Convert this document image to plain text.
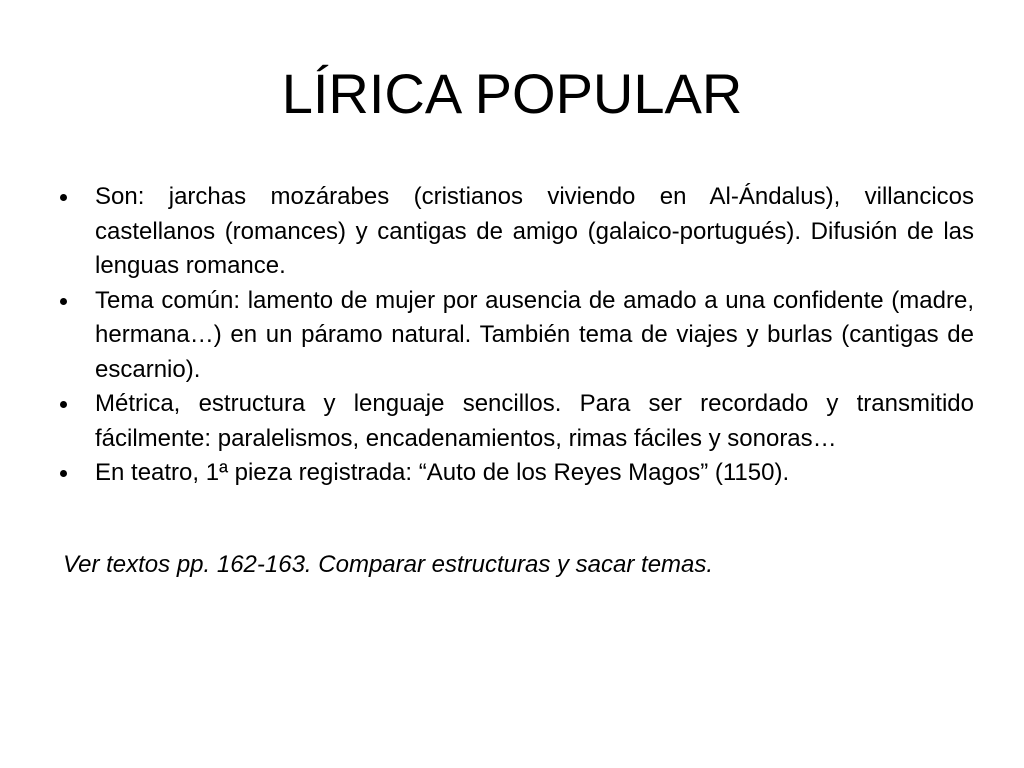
LÍRICA POPULAR
Son: jarchas mozárabes (cristianos viviendo en Al-Ándalus), villancicos castellanos (romances) y cantigas de amigo (galaico-portugués). Difusión de las lenguas romance.
Tema común: lamento de mujer por ausencia de amado a una confidente (madre, hermana…) en un páramo natural. También tema de viajes y burlas (cantigas de escarnio).
Métrica, estructura y lenguaje sencillos. Para ser recordado y transmitido fácilmente: paralelismos, encadenamientos, rimas fáciles y sonoras…
En teatro, 1ª pieza registrada: “Auto de los Reyes Magos” (1150).

Ver textos pp. 162-163. Comparar estructuras y sacar temas.
